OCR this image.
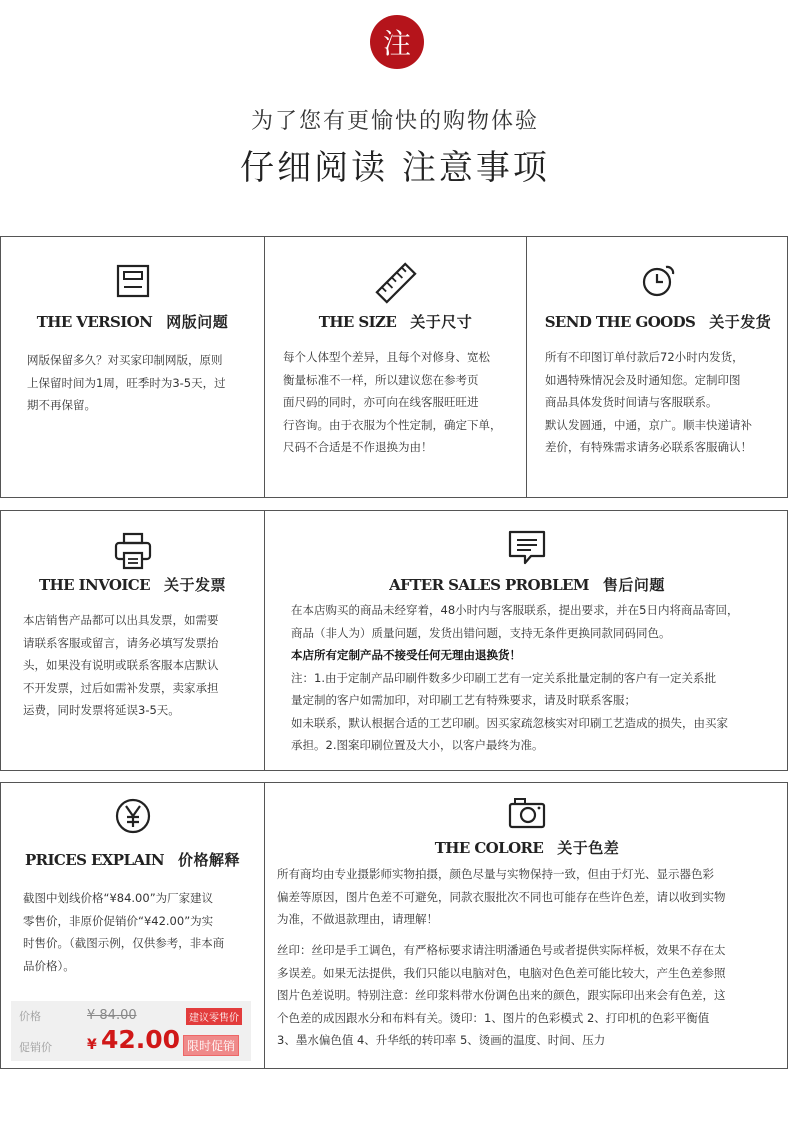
注
为了您有更愉快的购物体验
仔细阅读 注意事项
THE VERSION 网版问题

网版保留多久？对买家印制网版，原则

上保留时间为1周，旺季时为3-5天，过

期不再保留。

THE SIZE 关于尺寸

每个人体型个差异，且每个对修身、宽松

衡量标准不一样，所以建议您在参考页

面尺码的同时，亦可向在线客服旺旺进

行咨询。由于衣服为个性定制，确定下单，

尺码不合适是不作退换为由！

SEND THE GOODS 关于发货

所有不印图订单付款后72小时内发货，

如遇特殊情况会及时通知您。定制印图

商品具体发货时间请与客服联系。

默认发圆通，中通，京广。顺丰快递请补

差价，有特殊需求请务必联系客服确认！

THE INVOICE 关于发票

本店销售产品都可以出具发票，如需要

请联系客服或留言，请务必填写发票抬

头，如果没有说明或联系客服本店默认

不开发票，过后如需补发票，卖家承担

运费，同时发票将延误3-5天。

AFTER SALES PROBLEM 售后问题

在本店购买的商品未经穿着，48小时内与客服联系，提出要求，并在5日内将商品寄回，

商品（非人为）质量问题，发货出错问题，支持无条件更换同款同码同色。

本店所有定制产品不接受任何无理由退换货！

注：1.由于定制产品印刷件数多少印刷工艺有一定关系批量定制的客户有一定关系批

量定制的客户如需加印，对印刷工艺有特殊要求，请及时联系客服；

如未联系，默认根据合适的工艺印刷。因买家疏忽核实对印刷工艺造成的损失，由买家

承担。2.图案印刷位置及大小，以客户最终为准。

PRICES EXPLAIN 价格解释

截图中划线价格“¥84.00”为厂家建议

零售价，非原价促销价“¥42.00”为实

时售价。（截图示例，仅供参考，非本商

品价格）。

价格	¥ 84.00	建议零售价
促销价	¥ 42.00 限时促销
THE COLORE 关于色差

所有商均由专业摄影师实物拍摄，颜色尽量与实物保持一致，但由于灯光、显示器色彩

偏差等原因，图片色差不可避免，同款衣服批次不同也可能存在些许色差，请以收到实物

为准，不做退款理由，请理解！

丝印：丝印是手工调色，有严格标要求请注明潘通色号或者提供实际样板，效果不存在太

多误差。如果无法提供，我们只能以电脑对色，电脑对色色差可能比较大，产生色差参照

图片色差说明。特别注意：丝印浆料带水份调色出来的颜色，跟实际印出来会有色差，这

个色差的成因跟水分和布料有关。烫印：1、图片的色彩模式 2、打印机的色彩平衡值

3、墨水偏色值 4、升华纸的转印率 5、烫画的温度、时间、压力
